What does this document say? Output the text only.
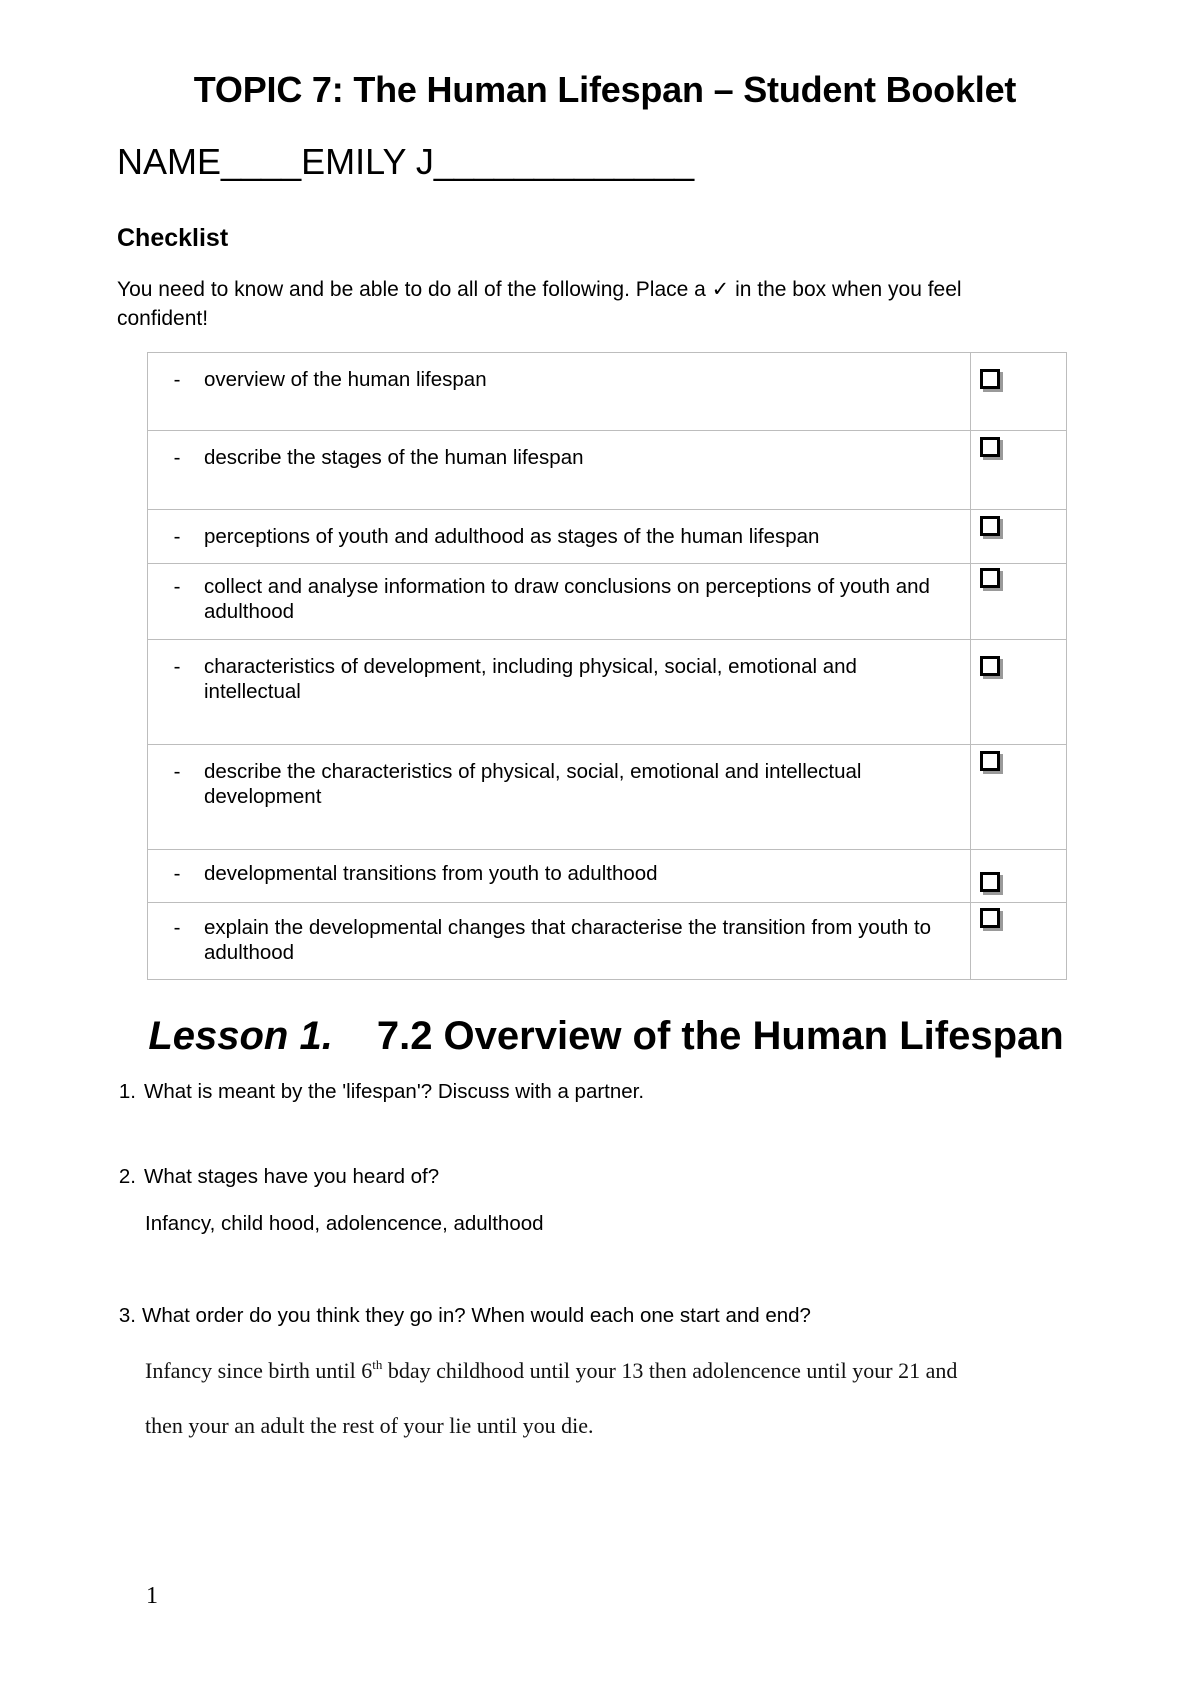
TOPIC 7: The Human Lifespan – Student Booklet
NAME____EMILY J_____________
Checklist

You need to know and be able to do all of the following. Place a ✓ in the box when you feel confident!

- overview of the human lifespan	

- describe the stages of the human lifespan	

- perceptions of youth and adulthood as stages of the human lifespan	

- collect and analyse information to draw conclusions on perceptions of youth and adulthood	

- characteristics of development, including physical, social, emotional and intellectual	

- describe the characteristics of physical, social, emotional and intellectual development	

- developmental transitions from youth to adulthood	

- explain the developmental changes that characterise the transition from youth to adulthood	

Lesson 1. 7.2 Overview of the Human Lifespan
1. What is meant by the 'lifespan'? Discuss with a partner.
2. What stages have you heard of?
Infancy, child hood, adolencence, adulthood
3. What order do you think they go in? When would each one start and end?
Infancy since birth until 6th bday childhood until your 13 then adolencence until your 21 and
then your an adult the rest of your lie until you die.
1
